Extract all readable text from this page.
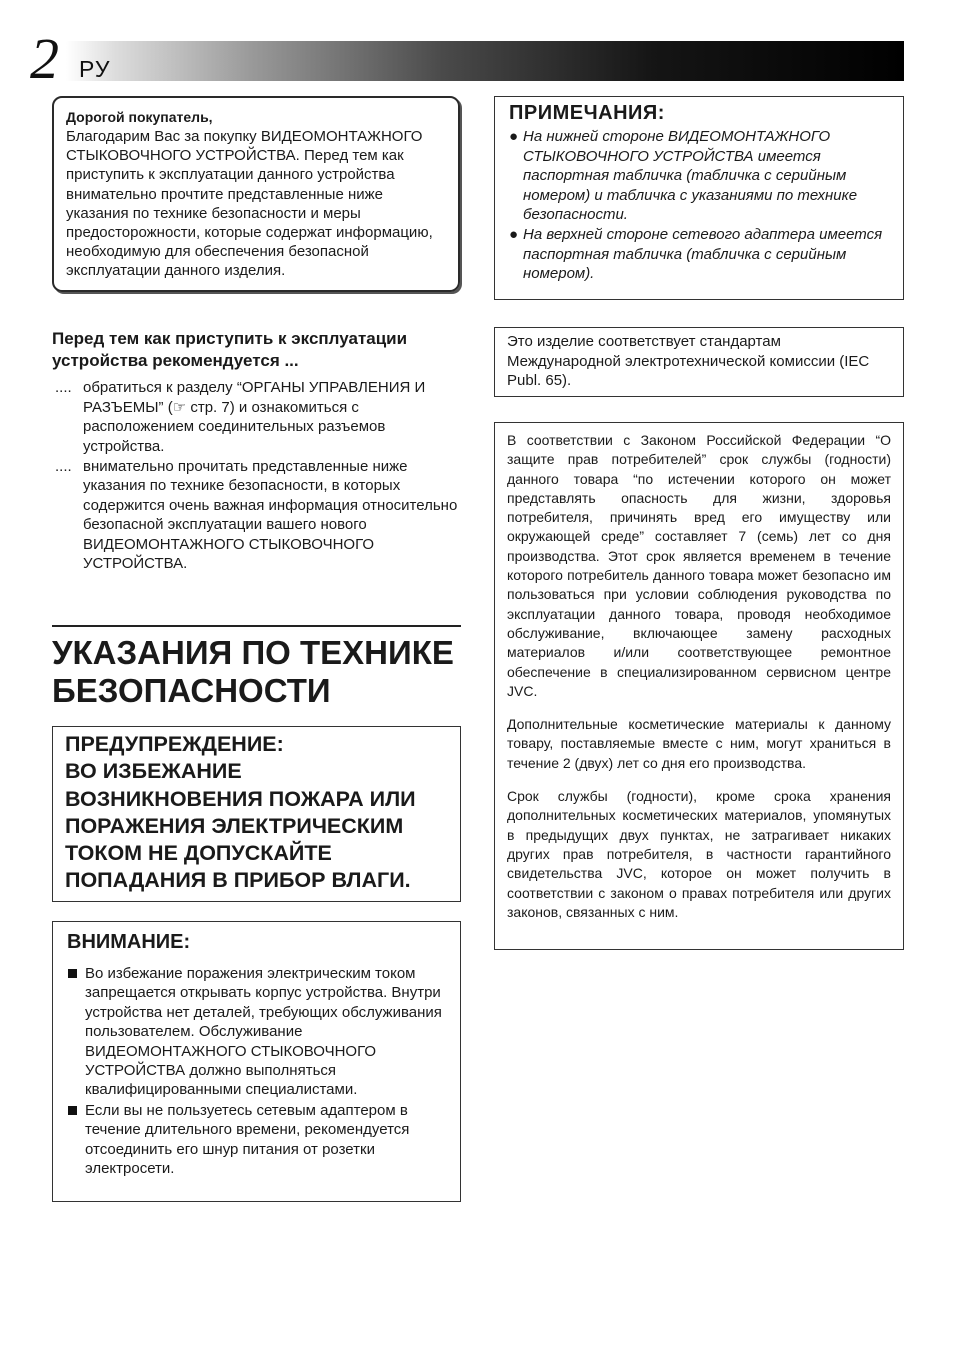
2 РУ
Дорогой покупатель,
Благодарим Вас за покупку ВИДЕОМОНТАЖНОГО СТЫКОВОЧНОГО УСТРОЙСТВА. Перед тем как приступить к эксплуатации данного устройства внимательно прочтите представленные ниже указания по технике безопасности и меры предосторожности, которые содержат информацию, необходимую для обеспечения безопасной эксплуатации данного изделия.
ПРИМЕЧАНИЯ:
● На нижней стороне ВИДЕОМОНТАЖНОГО СТЫКОВОЧНОГО УСТРОЙСТВА имеется паспортная табличка (табличка с серийным номером) и табличка с указаниями по технике безопасности.
● На верхней стороне сетевого адаптера имеется паспортная табличка (табличка с серийным номером).
Это изделие соответствует стандартам Международной электротехнической комиссии (IEC Publ. 65).

В соответствии с Законом Российской Федерации “О защите прав потребителей” срок службы (годности) данного товара “по истечении которого он может представлять опасность для жизни, здоровья потребителя, причинять вред его имуществу или окружающей среде” составляет 7 (семь) лет со дня производства. Этот срок является временем в течение которого потребитель данного товара может безопасно им пользоваться при условии соблюдения руководства по эксплуатации данного товара, проводя необходимое обслуживание, включающее замену расходных материалов и/или соответствующее ремонтное обеспечение в специализированном сервисном центре JVC.

Дополнительные косметические материалы к данному товару, поставляемые вместе с ним, могут храниться в течение 2 (двух) лет со дня его производства.

Срок службы (годности), кроме срока хранения дополнительных косметических материалов, упомянутых в предыдущих двух пунктах, не затрагивает никаких других прав потребителя, в частности гарантийного свидетельства JVC, которое он может получить в соответствии с законом о правах потребителя или других законов, связанных с ним.

Перед тем как приступить к эксплуатации устройства рекомендуется ...
.... обратиться к разделу “ОРГАНЫ УПРАВЛЕНИЯ И РАЗЪЕМЫ” (☞ стр. 7) и ознакомиться с расположением соединительных разъемов устройства.
.... внимательно прочитать представленные ниже указания по технике безопасности, в которых содержится очень важная информация относительно безопасной эксплуатации вашего нового ВИДЕОМОНТАЖНОГО СТЫКОВОЧНОГО УСТРОЙСТВА.
УКАЗАНИЯ ПО ТЕХНИКЕ
БЕЗОПАСНОСТИ
ПРЕДУПРЕЖДЕНИЕ:
ВО ИЗБЕЖАНИЕ
ВОЗНИКНОВЕНИЯ ПОЖАРА ИЛИ
ПОРАЖЕНИЯ ЭЛЕКТРИЧЕСКИМ
ТОКОМ НЕ ДОПУСКАЙТЕ
ПОПАДАНИЯ В ПРИБОР ВЛАГИ.
ВНИМАНИЕ:
Во избежание поражения электрическим током запрещается открывать корпус устройства. Внутри устройства нет деталей, требующих обслуживания пользователем. Обслуживание ВИДЕОМОНТАЖНОГО СТЫКОВОЧНОГО УСТРОЙСТВА должно выполняться квалифицированными специалистами.
Если вы не пользуетесь сетевым адаптером в течение длительного времени, рекомендуется отсоединить его шнур питания от розетки электросети.
